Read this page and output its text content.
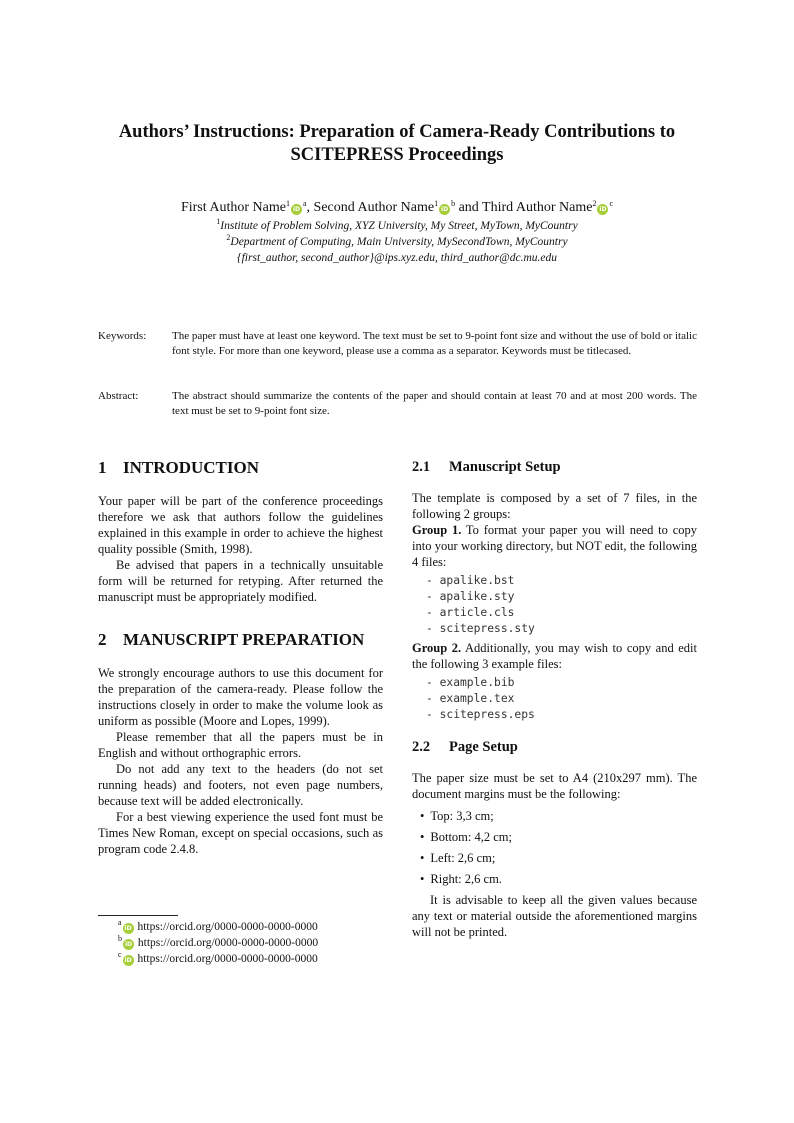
Authors’ Instructions: Preparation of Camera-Ready Contributions to
SCITEPRESS Proceedings
First Author $Name^1iD^a$, Second Author $Name^1iD^b$ and Third Author $Name^2iD^c$
$^1$Institute of Problem Solving, XYZ University, My Street, MyTown, MyCountry
$^2$Department of Computing, Main University, MySecondTown, MyCountry
{first_author, second_author}@ips.xyz.edu, third_author@dc.mu.edu
Keywords: The paper must have at least one keyword. The text must be set to 9-point font size and without the use of bold or italic font style. For more than one keyword, please use a comma as a separator. Keywords must be titlecased.
Abstract:	The abstract should summarize the contents of the paper and should contain at least 70 and at most 200 words. The text must be set to 9-point font size.
1 INTRODUCTION

Your paper will be part of the conference proceedings therefore we ask that authors follow the guidelines explained in this example in order to achieve the highest quality possible (Smith, 1998).

Be advised that papers in a technically unsuitable form will be returned for retyping. After returned the manuscript must be appropriately modified.

2 MANUSCRIPT PREPARATION

We strongly encourage authors to use this document for the preparation of the camera-ready. Please follow the instructions closely in order to make the volume look as uniform as possible (Moore and Lopes, 1999).

Please remember that all the papers must be in English and without orthographic errors.

Do not add any text to the headers (do not set running heads) and footers, not even page numbers, because text will be added electronically.

For a best viewing experience the used font must be Times New Roman, except on special occasions, such as program code 2.4.8.

2.1 Manuscript Setup

The template is composed by a set of 7 files, in the following 2 groups:

Group 1. To format your paper you will need to copy into your working directory, but NOT edit, the following 4 files:

- apalike.bst
- apalike.sty
- article.cls
- scitepress.sty

Group 2. Additionally, you may wish to copy and edit the following 3 example files:

- example.bib
- example.tex
- scitepress.eps
2.2 Page Setup

The paper size must be set to A4 (210x297 mm). The document margins must be the following:

• Top: 3,3 cm;
• Bottom: 4,2 cm;
• Left: 2,6 cm;
• Right: 2,6 cm.

It is advisable to keep all the given values because any text or material outside the aforementioned margins will not be printed.

$^a$iD https://orcid.org/0000-0000-0000-0000
$^b$iD https://orcid.org/0000-0000-0000-0000
$^c$iD https://orcid.org/0000-0000-0000-0000
